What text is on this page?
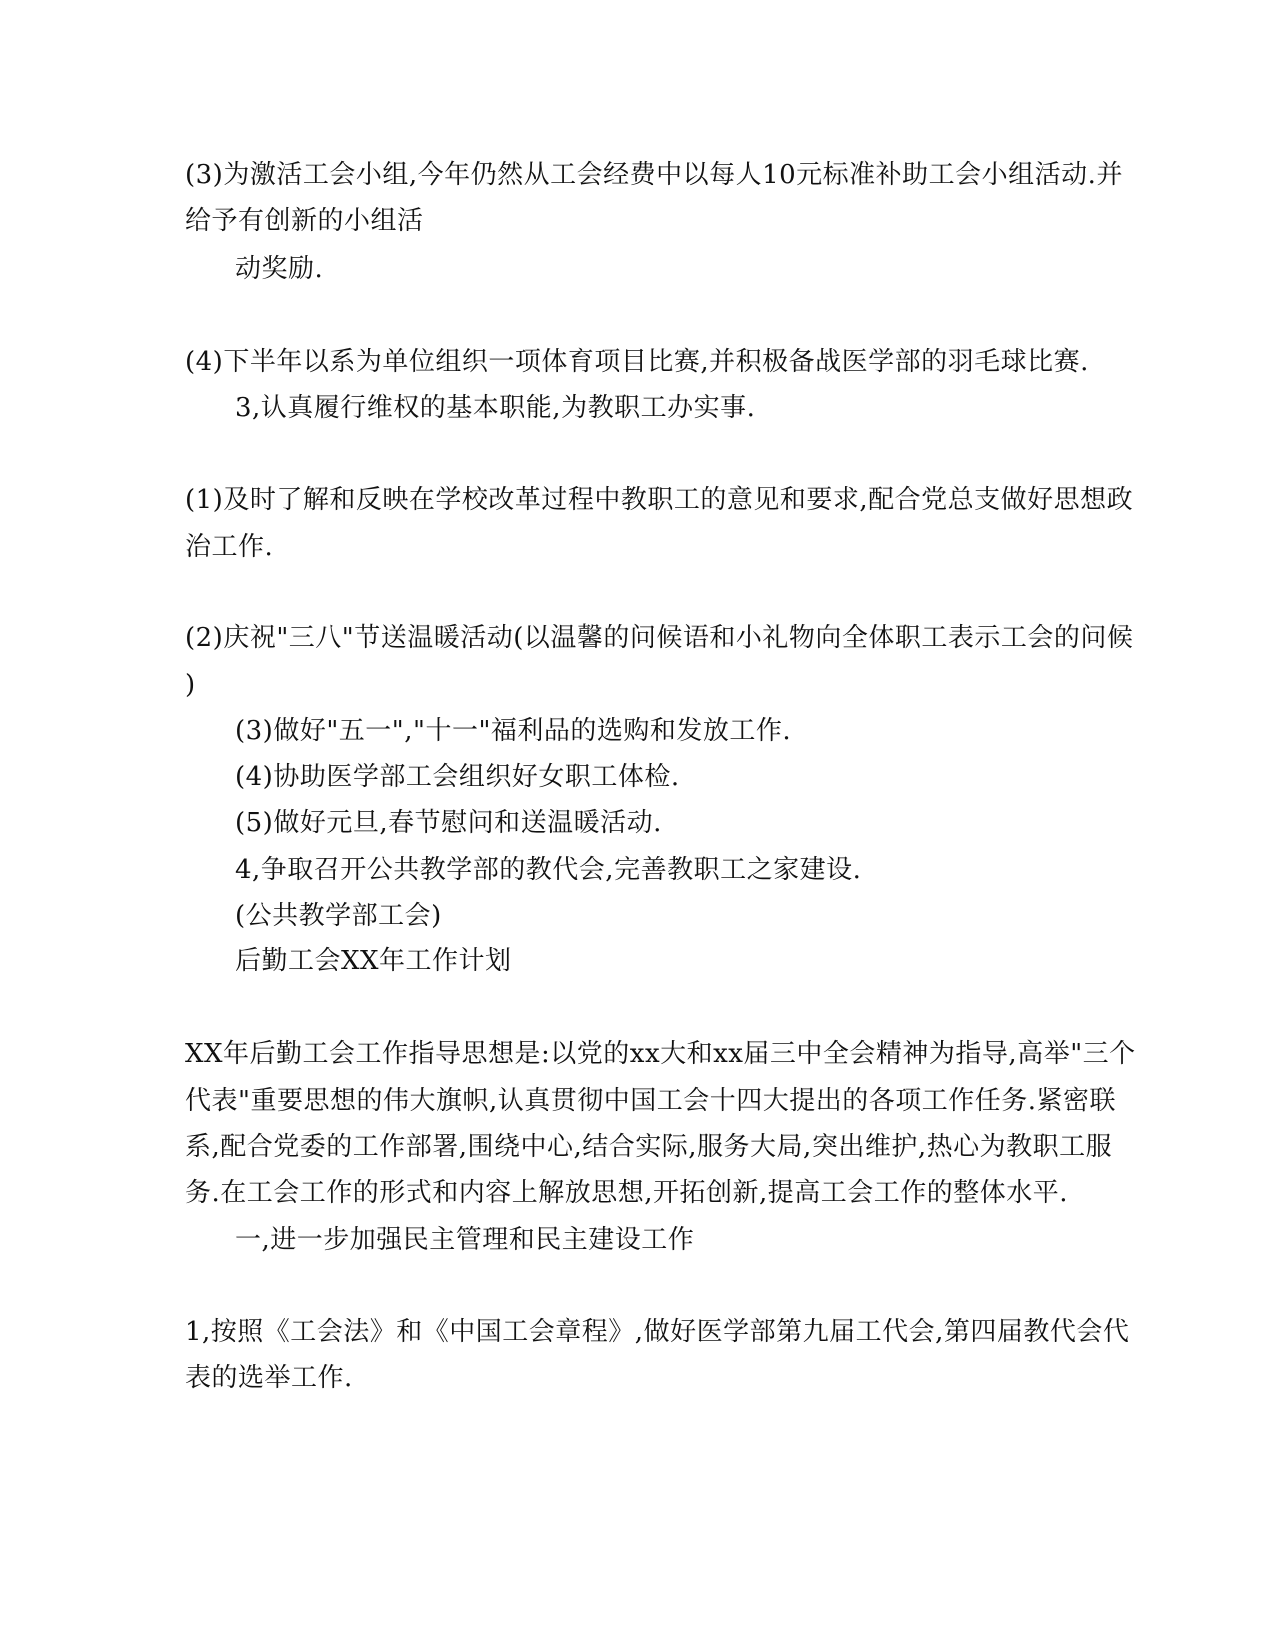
(3)为激活工会小组,今年仍然从工会经费中以每人10元标准补助工会小组活动.并

给予有创新的小组活

动奖励.

(4)下半年以系为单位组织一项体育项目比赛,并积极备战医学部的羽毛球比赛.

3,认真履行维权的基本职能,为教职工办实事.

(1)及时了解和反映在学校改革过程中教职工的意见和要求,配合党总支做好思想政

治工作.

(2)庆祝"三八"节送温暖活动(以温馨的问候语和小礼物向全体职工表示工会的问候

)

(3)做好"五一","十一"福利品的选购和发放工作.

(4)协助医学部工会组织好女职工体检.

(5)做好元旦,春节慰问和送温暖活动.

4,争取召开公共教学部的教代会,完善教职工之家建设.

(公共教学部工会)

后勤工会XX年工作计划

XX年后勤工会工作指导思想是:以党的xx大和xx届三中全会精神为指导,高举"三个

代表"重要思想的伟大旗帜,认真贯彻中国工会十四大提出的各项工作任务.紧密联

系,配合党委的工作部署,围绕中心,结合实际,服务大局,突出维护,热心为教职工服

务.在工会工作的形式和内容上解放思想,开拓创新,提高工会工作的整体水平.

一,进一步加强民主管理和民主建设工作

1,按照《工会法》和《中国工会章程》,做好医学部第九届工代会,第四届教代会代

表的选举工作.
